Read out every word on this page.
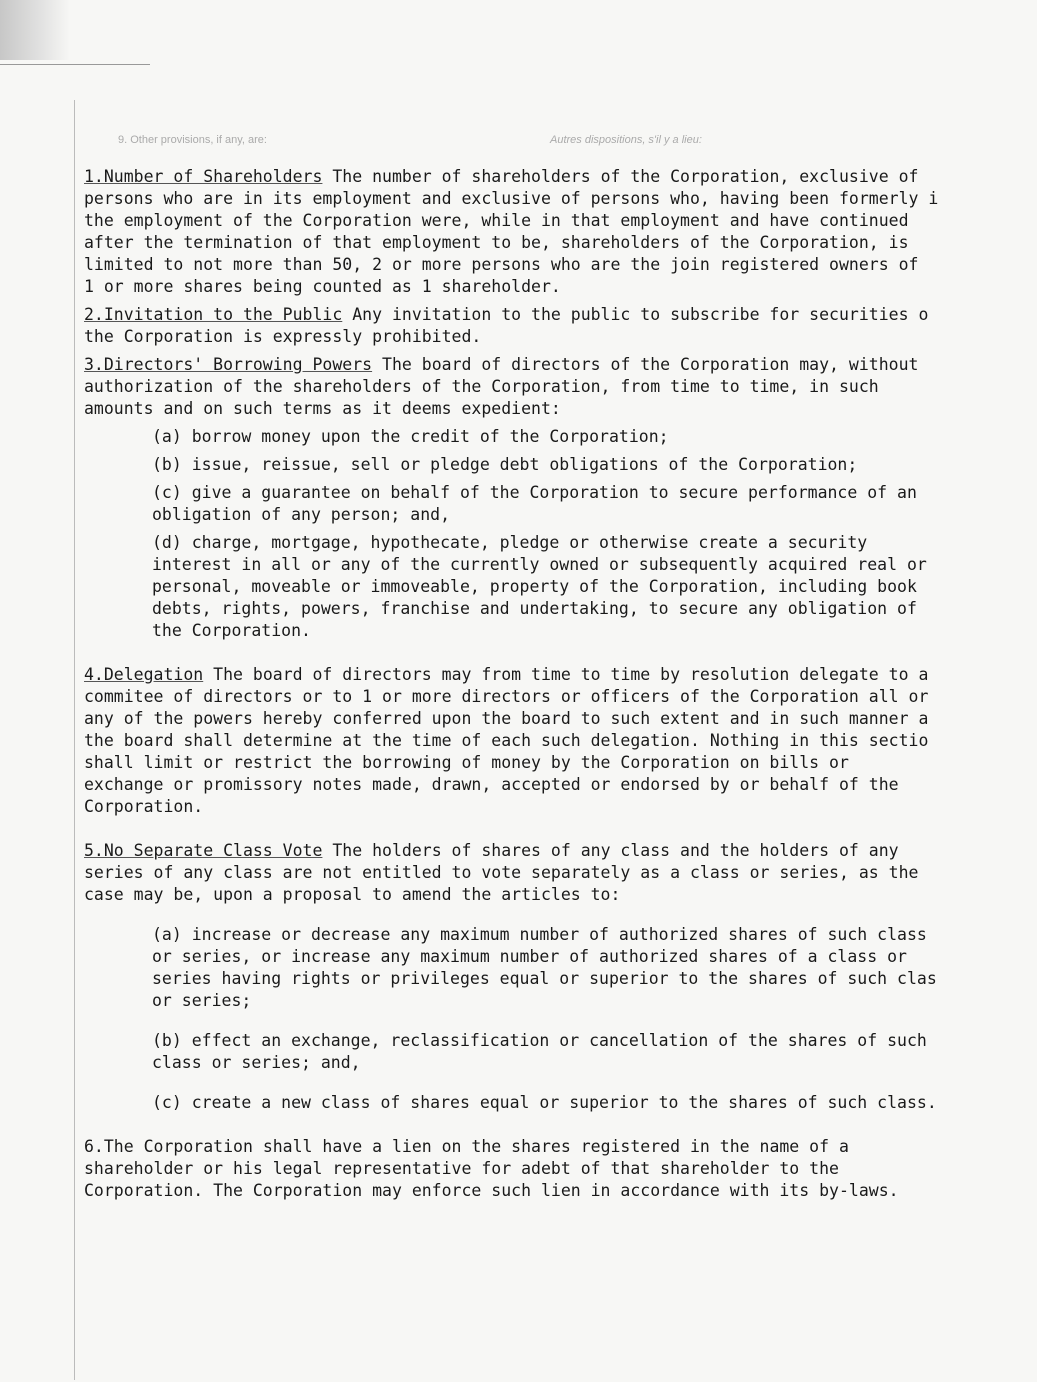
9. Other provisions, if any, are:	Autres dispositions, s'il y a lieu:
1.Number of Shareholders The number of shareholders of the Corporation, exclusive of
persons who are in its employment and exclusive of persons who, having been formerly i
the employment of the Corporation were, while in that employment and have continued
after the termination of that employment to be, shareholders of the Corporation, is
limited to not more than 50, 2 or more persons who are the join registered owners of
1 or more shares being counted as 1 shareholder.
2.Invitation to the Public Any invitation to the public to subscribe for securities o
the Corporation is expressly prohibited.
3.Directors' Borrowing Powers The board of directors of the Corporation may, without
authorization of the shareholders of the Corporation, from time to time, in such
amounts and on such terms as it deems expedient:
(a) borrow money upon the credit of the Corporation;
(b) issue, reissue, sell or pledge debt obligations of the Corporation;
(c) give a guarantee on behalf of the Corporation to secure performance of an
obligation of any person; and,
(d) charge, mortgage, hypothecate, pledge or otherwise create a security
interest in all or any of the currently owned or subsequently acquired real or
personal, moveable or immoveable, property of the Corporation, including book
debts, rights, powers, franchise and undertaking, to secure any obligation of
the Corporation.
4.Delegation The board of directors may from time to time by resolution delegate to a
commitee of directors or to 1 or more directors or officers of the Corporation all or
any of the powers hereby conferred upon the board to such extent and in such manner a
the board shall determine at the time of each such delegation. Nothing in this sectio
shall limit or restrict the borrowing of money by the Corporation on bills or
exchange or promissory notes made, drawn, accepted or endorsed by or behalf of the
Corporation.
5.No Separate Class Vote The holders of shares of any class and the holders of any
series of any class are not entitled to vote separately as a class or series, as the
case may be, upon a proposal to amend the articles to:
(a) increase or decrease any maximum number of authorized shares of such class
or series, or increase any maximum number of authorized shares of a class or
series having rights or privileges equal or superior to the shares of such clas
or series;
(b) effect an exchange, reclassification or cancellation of the shares of such
class or series; and,
(c) create a new class of shares equal or superior to the shares of such class.
6.The Corporation shall have a lien on the shares registered in the name of a
shareholder or his legal representative for adebt of that shareholder to the
Corporation. The Corporation may enforce such lien in accordance with its by-laws.
